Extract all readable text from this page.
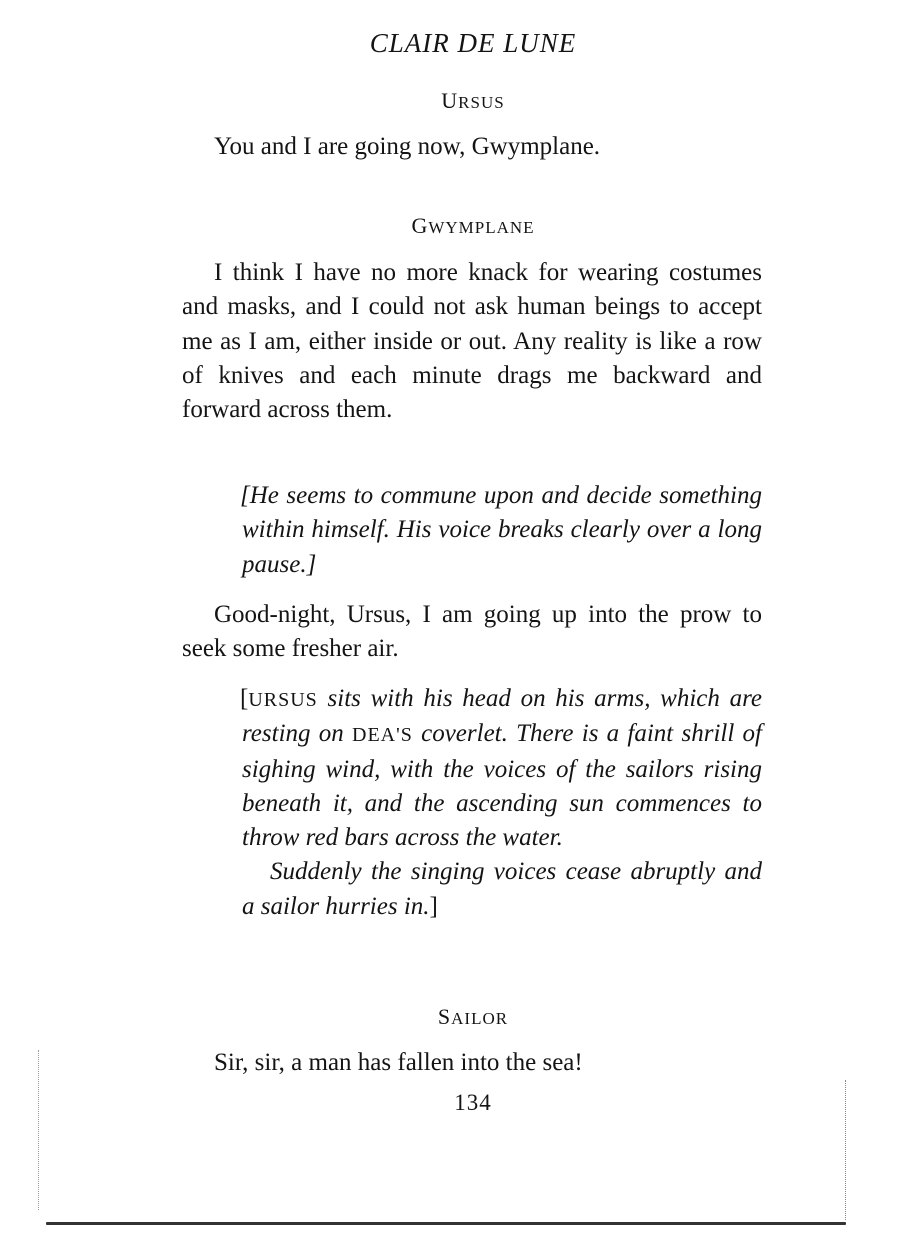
CLAIR DE LUNE
URSUS

You and I are going now, Gwymplane.

GWYMPLANE

I think I have no more knack for wearing costumes and masks, and I could not ask human beings to accept me as I am, either inside or out. Any reality is like a row of knives and each minute drags me backward and forward across them.

[He seems to commune upon and decide something within himself. His voice breaks clearly over a long pause.]

Good-night, Ursus, I am going up into the prow to seek some fresher air.

[URSUS sits with his head on his arms, which are resting on DEA'S coverlet. There is a faint shrill of sighing wind, with the voices of the sailors rising beneath it, and the ascending sun commences to throw red bars across the water.

Suddenly the singing voices cease abruptly and a sailor hurries in.]

SAILOR

Sir, sir, a man has fallen into the sea!

134
